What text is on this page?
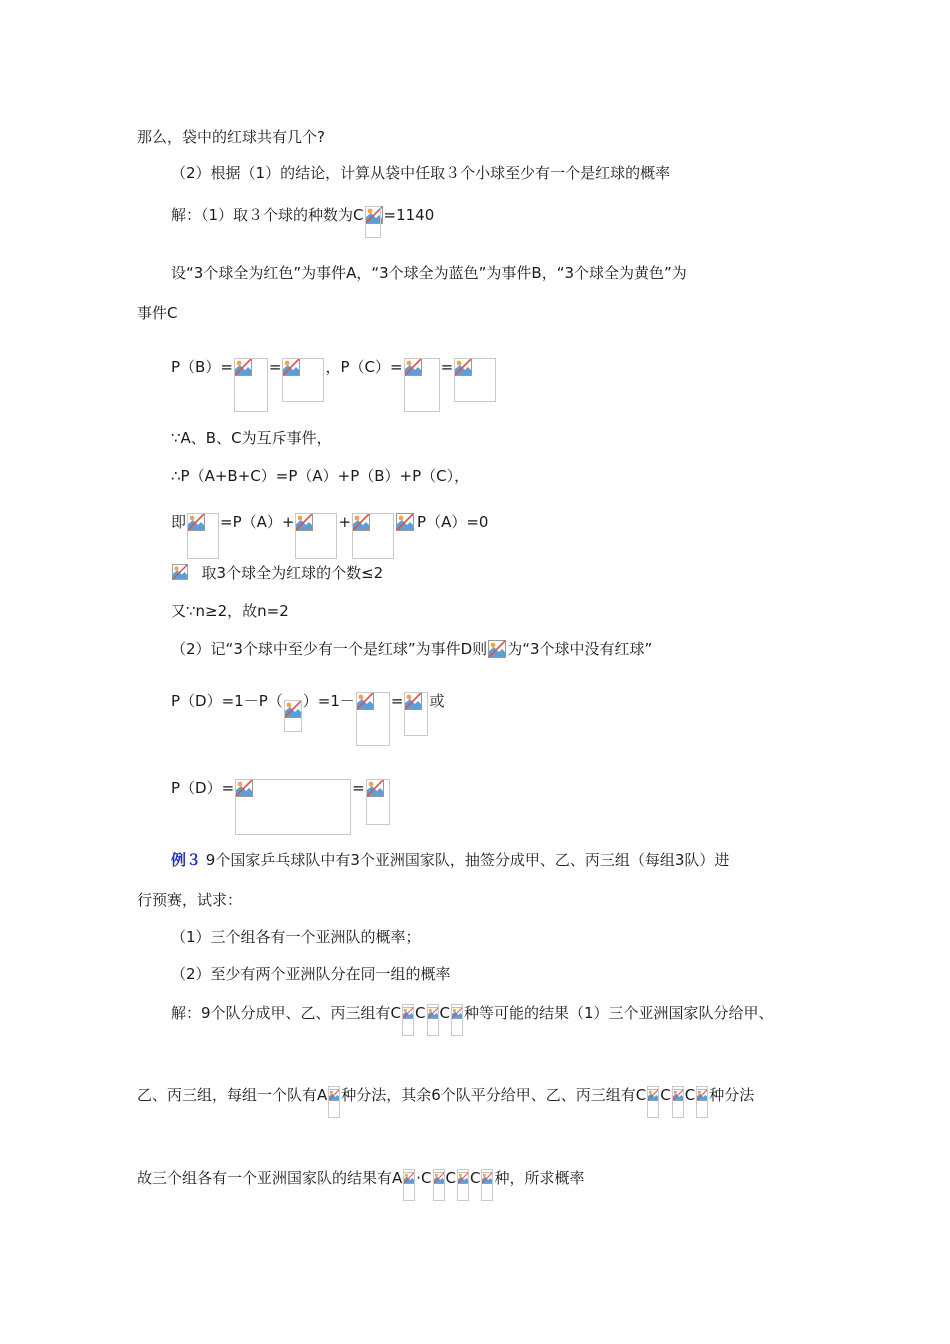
那么，袋中的红球共有几个?
（2）根据（1）的结论，计算从袋中任取３个小球至少有一个是红球的概率
解：（1）取３个球的种数为C =1140
设“3个球全为红色”为事件A，“3个球全为蓝色”为事件B，“3个球全为黄色”为
事件C
P（B）= =	，P（C）=	=
∵A、B、C为互斥事件，
∴P（A+B+C）=P（A）+P（B）+P（C），
即 =P（A）+	+	P（A）=0
取3个球全为红球的个数≤2
又∵n≥2，故n=2
（2）记“3个球中至少有一个是红球”为事件D则 为“3个球中没有红球”
P（D）=1－P（ ）=1－ = 或
P（D）=	=
例３ 9个国家乒乓球队中有3个亚洲国家队，抽签分成甲、乙、丙三组（每组3队）进
行预赛，试求：
（1）三个组各有一个亚洲队的概率；
（2）至少有两个亚洲队分在同一组的概率
解：9个队分成甲、乙、丙三组有C C C 种等可能的结果（1）三个亚洲国家队分给甲、
乙、丙三组，每组一个队有A 种分法，其余6个队平分给甲、乙、丙三组有C C C 种分法
故三个组各有一个亚洲国家队的结果有A ·C C C 种，所求概率
